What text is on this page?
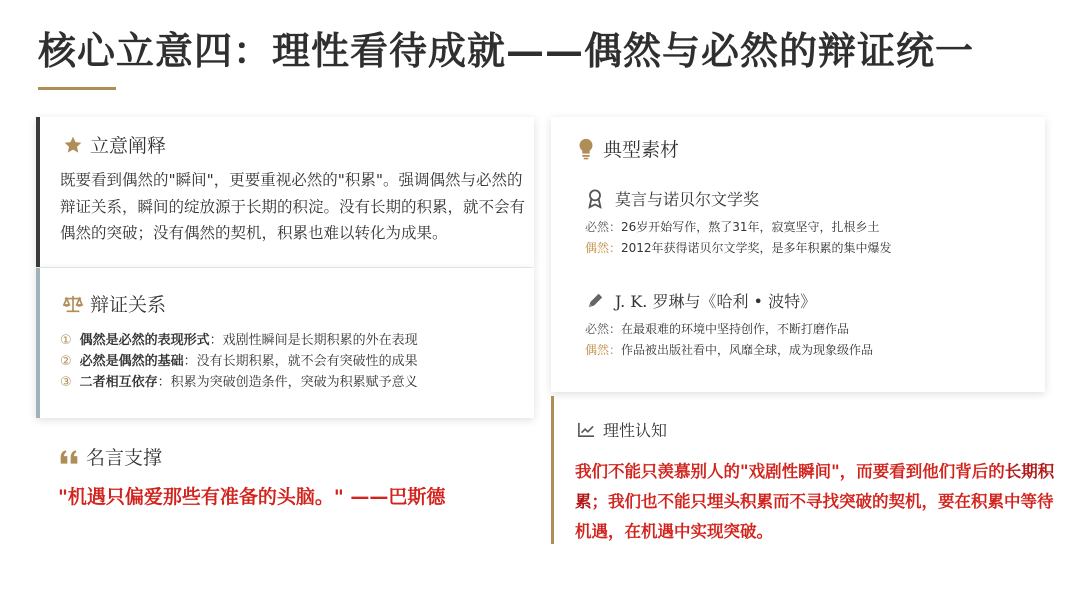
核心立意四：理性看待成就——偶然与必然的辩证统一
立意阐释
既要看到偶然的"瞬间"，更要重视必然的"积累"。强调偶然与必然的辩证关系，瞬间的绽放源于长期的积淀。没有长期的积累，就不会有偶然的突破；没有偶然的契机，积累也难以转化为成果。
辩证关系
① 偶然是必然的表现形式：戏剧性瞬间是长期积累的外在表现
② 必然是偶然的基础：没有长期积累，就不会有突破性的成果
③ 二者相互依存：积累为突破创造条件，突破为积累赋予意义
名言支撑
"机遇只偏爱那些有准备的头脑。" ——巴斯德
典型素材
莫言与诺贝尔文学奖
必然：26岁开始写作，熬了31年，寂寞坚守，扎根乡土
偶然：2012年获得诺贝尔文学奖，是多年积累的集中爆发
J. K. 罗琳与《哈利 • 波特》
必然：在最艰难的环境中坚持创作，不断打磨作品
偶然：作品被出版社看中，风靡全球，成为现象级作品
理性认知
我们不能只羡慕别人的"戏剧性瞬间"，而要看到他们背后的长期积累；我们也不能只埋头积累而不寻找突破的契机，要在积累中等待机遇，在机遇中实现突破。
